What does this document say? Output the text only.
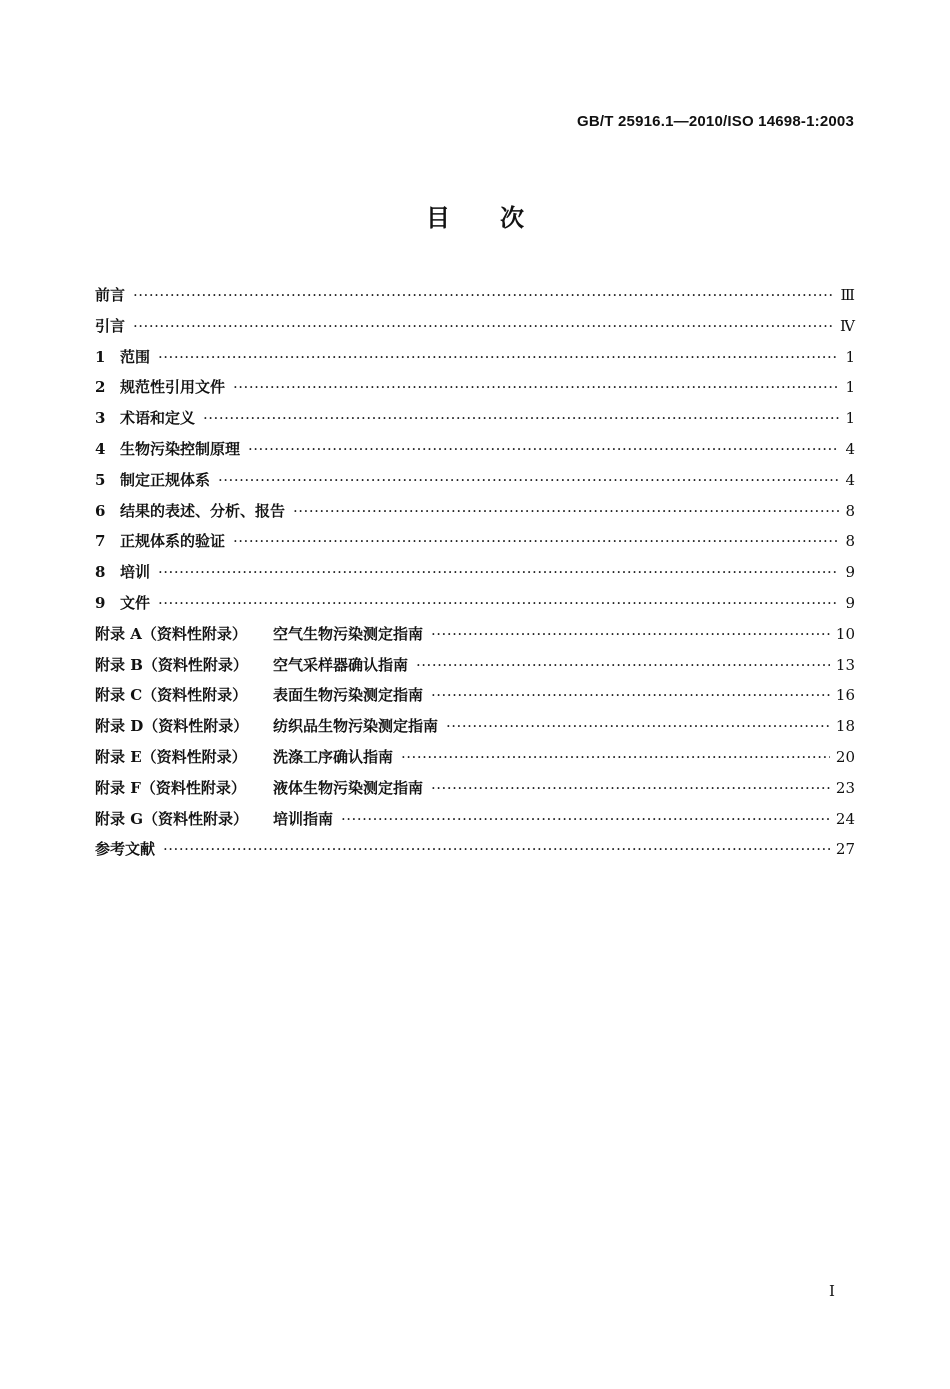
GB/T 25916.1—2010/ISO 14698-1:2003
目次
前言 ·····	Ⅲ
引言 ·····	Ⅳ
1 范围 ·····	1
2 规范性引用文件 ·····	1
3 术语和定义 ·····	1
4 生物污染控制原理 ·····	4
5 制定正规体系 ·····	4
6 结果的表述、分析、报告 ·····	8
7 正规体系的验证 ·····	8
8 培训 ·····	9
9 文件 ·····	9
附录 A（资料性附录）	空气生物污染测定指南 ·····	10
附录 B（资料性附录）	空气采样器确认指南 ·····	13
附录 C（资料性附录）	表面生物污染测定指南 ·····	16
附录 D（资料性附录）	纺织品生物污染测定指南 ·····	18
附录 E（资料性附录）	洗涤工序确认指南 ·····	20
附录 F（资料性附录）	液体生物污染测定指南 ·····	23
附录 G（资料性附录）	培训指南 ·····	24
参考文献 ·····	27
I
